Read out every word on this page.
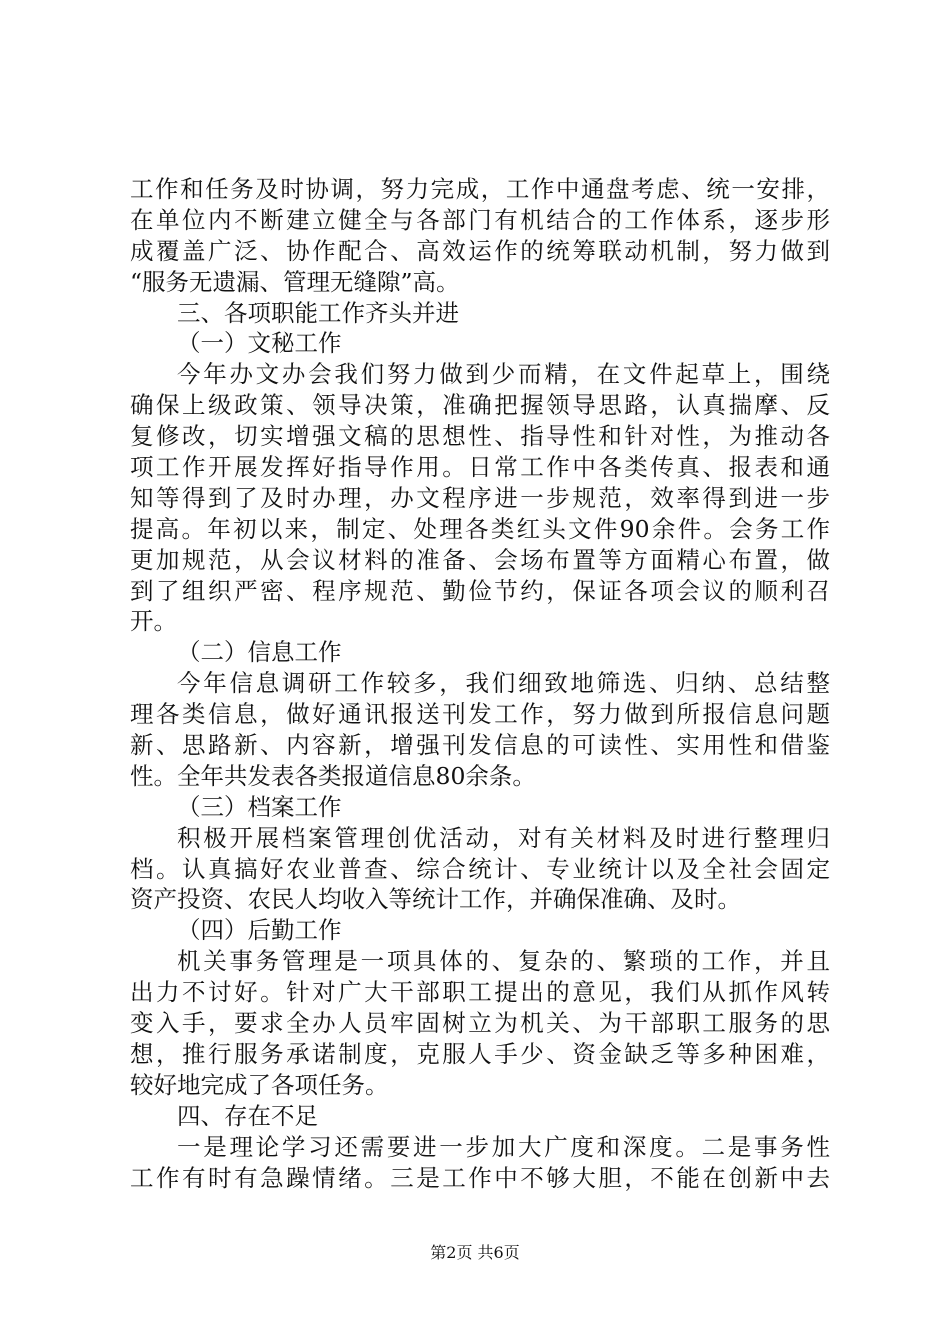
工作和任务及时协调，努力完成，工作中通盘考虑、统一安排，
在单位内不断建立健全与各部门有机结合的工作体系，逐步形
成覆盖广泛、协作配合、高效运作的统筹联动机制，努力做到
“服务无遗漏、管理无缝隙”高。
三、各项职能工作齐头并进
（一）文秘工作
今年办文办会我们努力做到少而精，在文件起草上，围绕
确保上级政策、领导决策，准确把握领导思路，认真揣摩、反
复修改，切实增强文稿的思想性、指导性和针对性，为推动各
项工作开展发挥好指导作用。日常工作中各类传真、报表和通
知等得到了及时办理，办文程序进一步规范，效率得到进一步
提高。年初以来，制定、处理各类红头文件90余件。会务工作
更加规范，从会议材料的准备、会场布置等方面精心布置，做
到了组织严密、程序规范、勤俭节约，保证各项会议的顺利召
开。
（二）信息工作
今年信息调研工作较多，我们细致地筛选、归纳、总结整
理各类信息，做好通讯报送刊发工作，努力做到所报信息问题
新、思路新、内容新，增强刊发信息的可读性、实用性和借鉴
性。全年共发表各类报道信息80余条。
（三）档案工作
积极开展档案管理创优活动，对有关材料及时进行整理归
档。认真搞好农业普查、综合统计、专业统计以及全社会固定
资产投资、农民人均收入等统计工作，并确保准确、及时。
（四）后勤工作
机关事务管理是一项具体的、复杂的、繁琐的工作，并且
出力不讨好。针对广大干部职工提出的意见，我们从抓作风转
变入手，要求全办人员牢固树立为机关、为干部职工服务的思
想，推行服务承诺制度，克服人手少、资金缺乏等多种困难，
较好地完成了各项任务。
四、存在不足
一是理论学习还需要进一步加大广度和深度。二是事务性
工作有时有急躁情绪。三是工作中不够大胆，不能在创新中去
第2页 共6页
